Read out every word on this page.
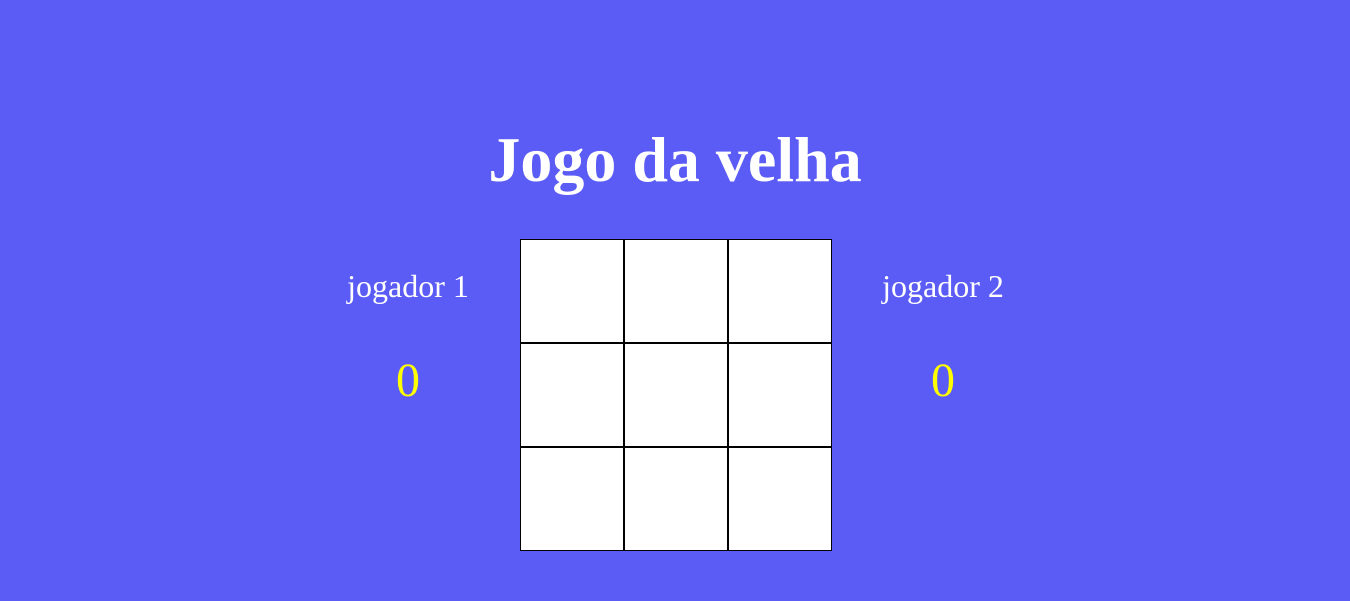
Jogo da velha
jogador 1
0
jogador 2
0
